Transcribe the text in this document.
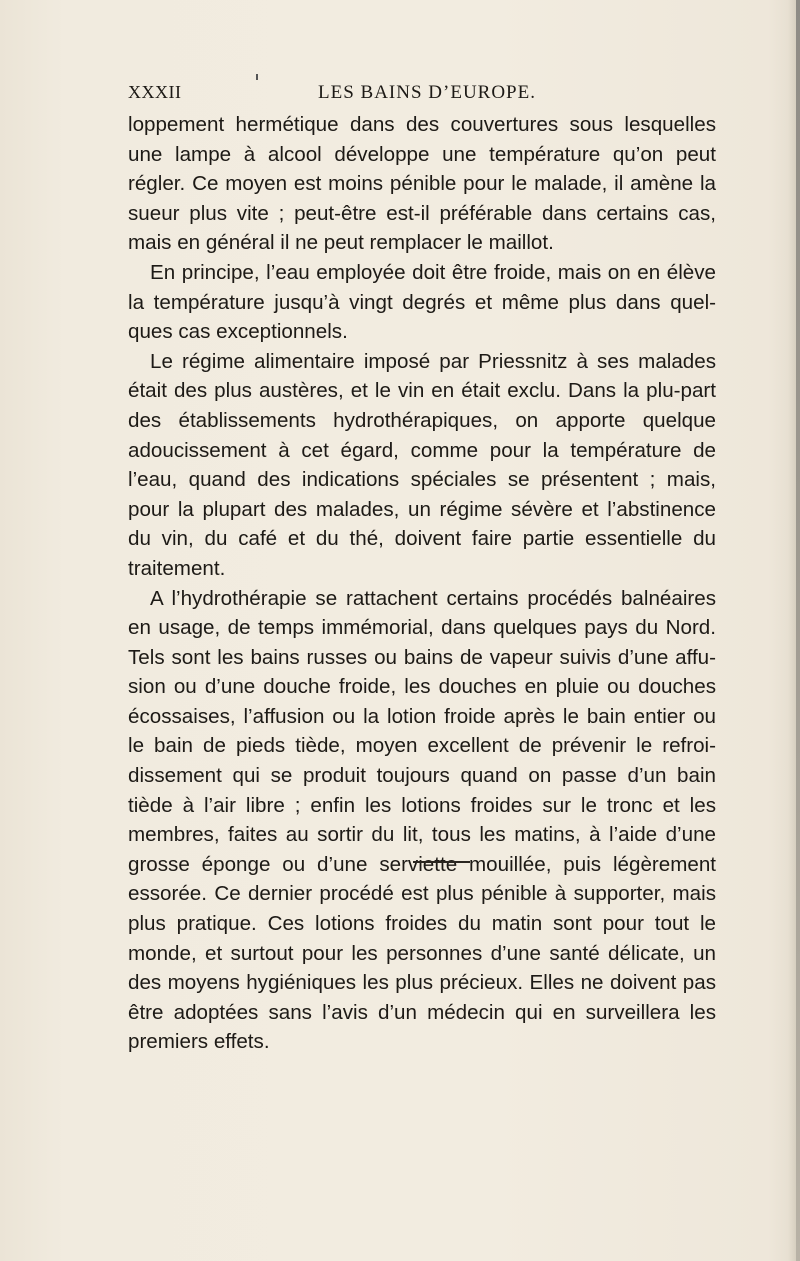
XXXII	LES BAINS D’EUROPE.

loppement hermétique dans des couvertures sous lesquelles une lampe à alcool développe une température qu’on peut régler. Ce moyen est moins pénible pour le malade, il amène la sueur plus vite ; peut-être est-il préférable dans certains cas, mais en général il ne peut remplacer le maillot.

En principe, l’eau employée doit être froide, mais on en élève la température jusqu’à vingt degrés et même plus dans quel-ques cas exceptionnels.

Le régime alimentaire imposé par Priessnitz à ses malades était des plus austères, et le vin en était exclu. Dans la plu-part des établissements hydrothérapiques, on apporte quelque adoucissement à cet égard, comme pour la température de l’eau, quand des indications spéciales se présentent ; mais, pour la plupart des malades, un régime sévère et l’abstinence du vin, du café et du thé, doivent faire partie essentielle du traitement.

A l’hydrothérapie se rattachent certains procédés balnéaires en usage, de temps immémorial, dans quelques pays du Nord. Tels sont les bains russes ou bains de vapeur suivis d’une affu-sion ou d’une douche froide, les douches en pluie ou douches écossaises, l’affusion ou la lotion froide après le bain entier ou le bain de pieds tiède, moyen excellent de prévenir le refroi-dissement qui se produit toujours quand on passe d’un bain tiède à l’air libre ; enfin les lotions froides sur le tronc et les membres, faites au sortir du lit, tous les matins, à l’aide d’une grosse éponge ou d’une serviette mouillée, puis légèrement essorée. Ce dernier procédé est plus pénible à supporter, mais plus pratique. Ces lotions froides du matin sont pour tout le monde, et surtout pour les personnes d’une santé délicate, un des moyens hygiéniques les plus précieux. Elles ne doivent pas être adoptées sans l’avis d’un médecin qui en surveillera les premiers effets.
